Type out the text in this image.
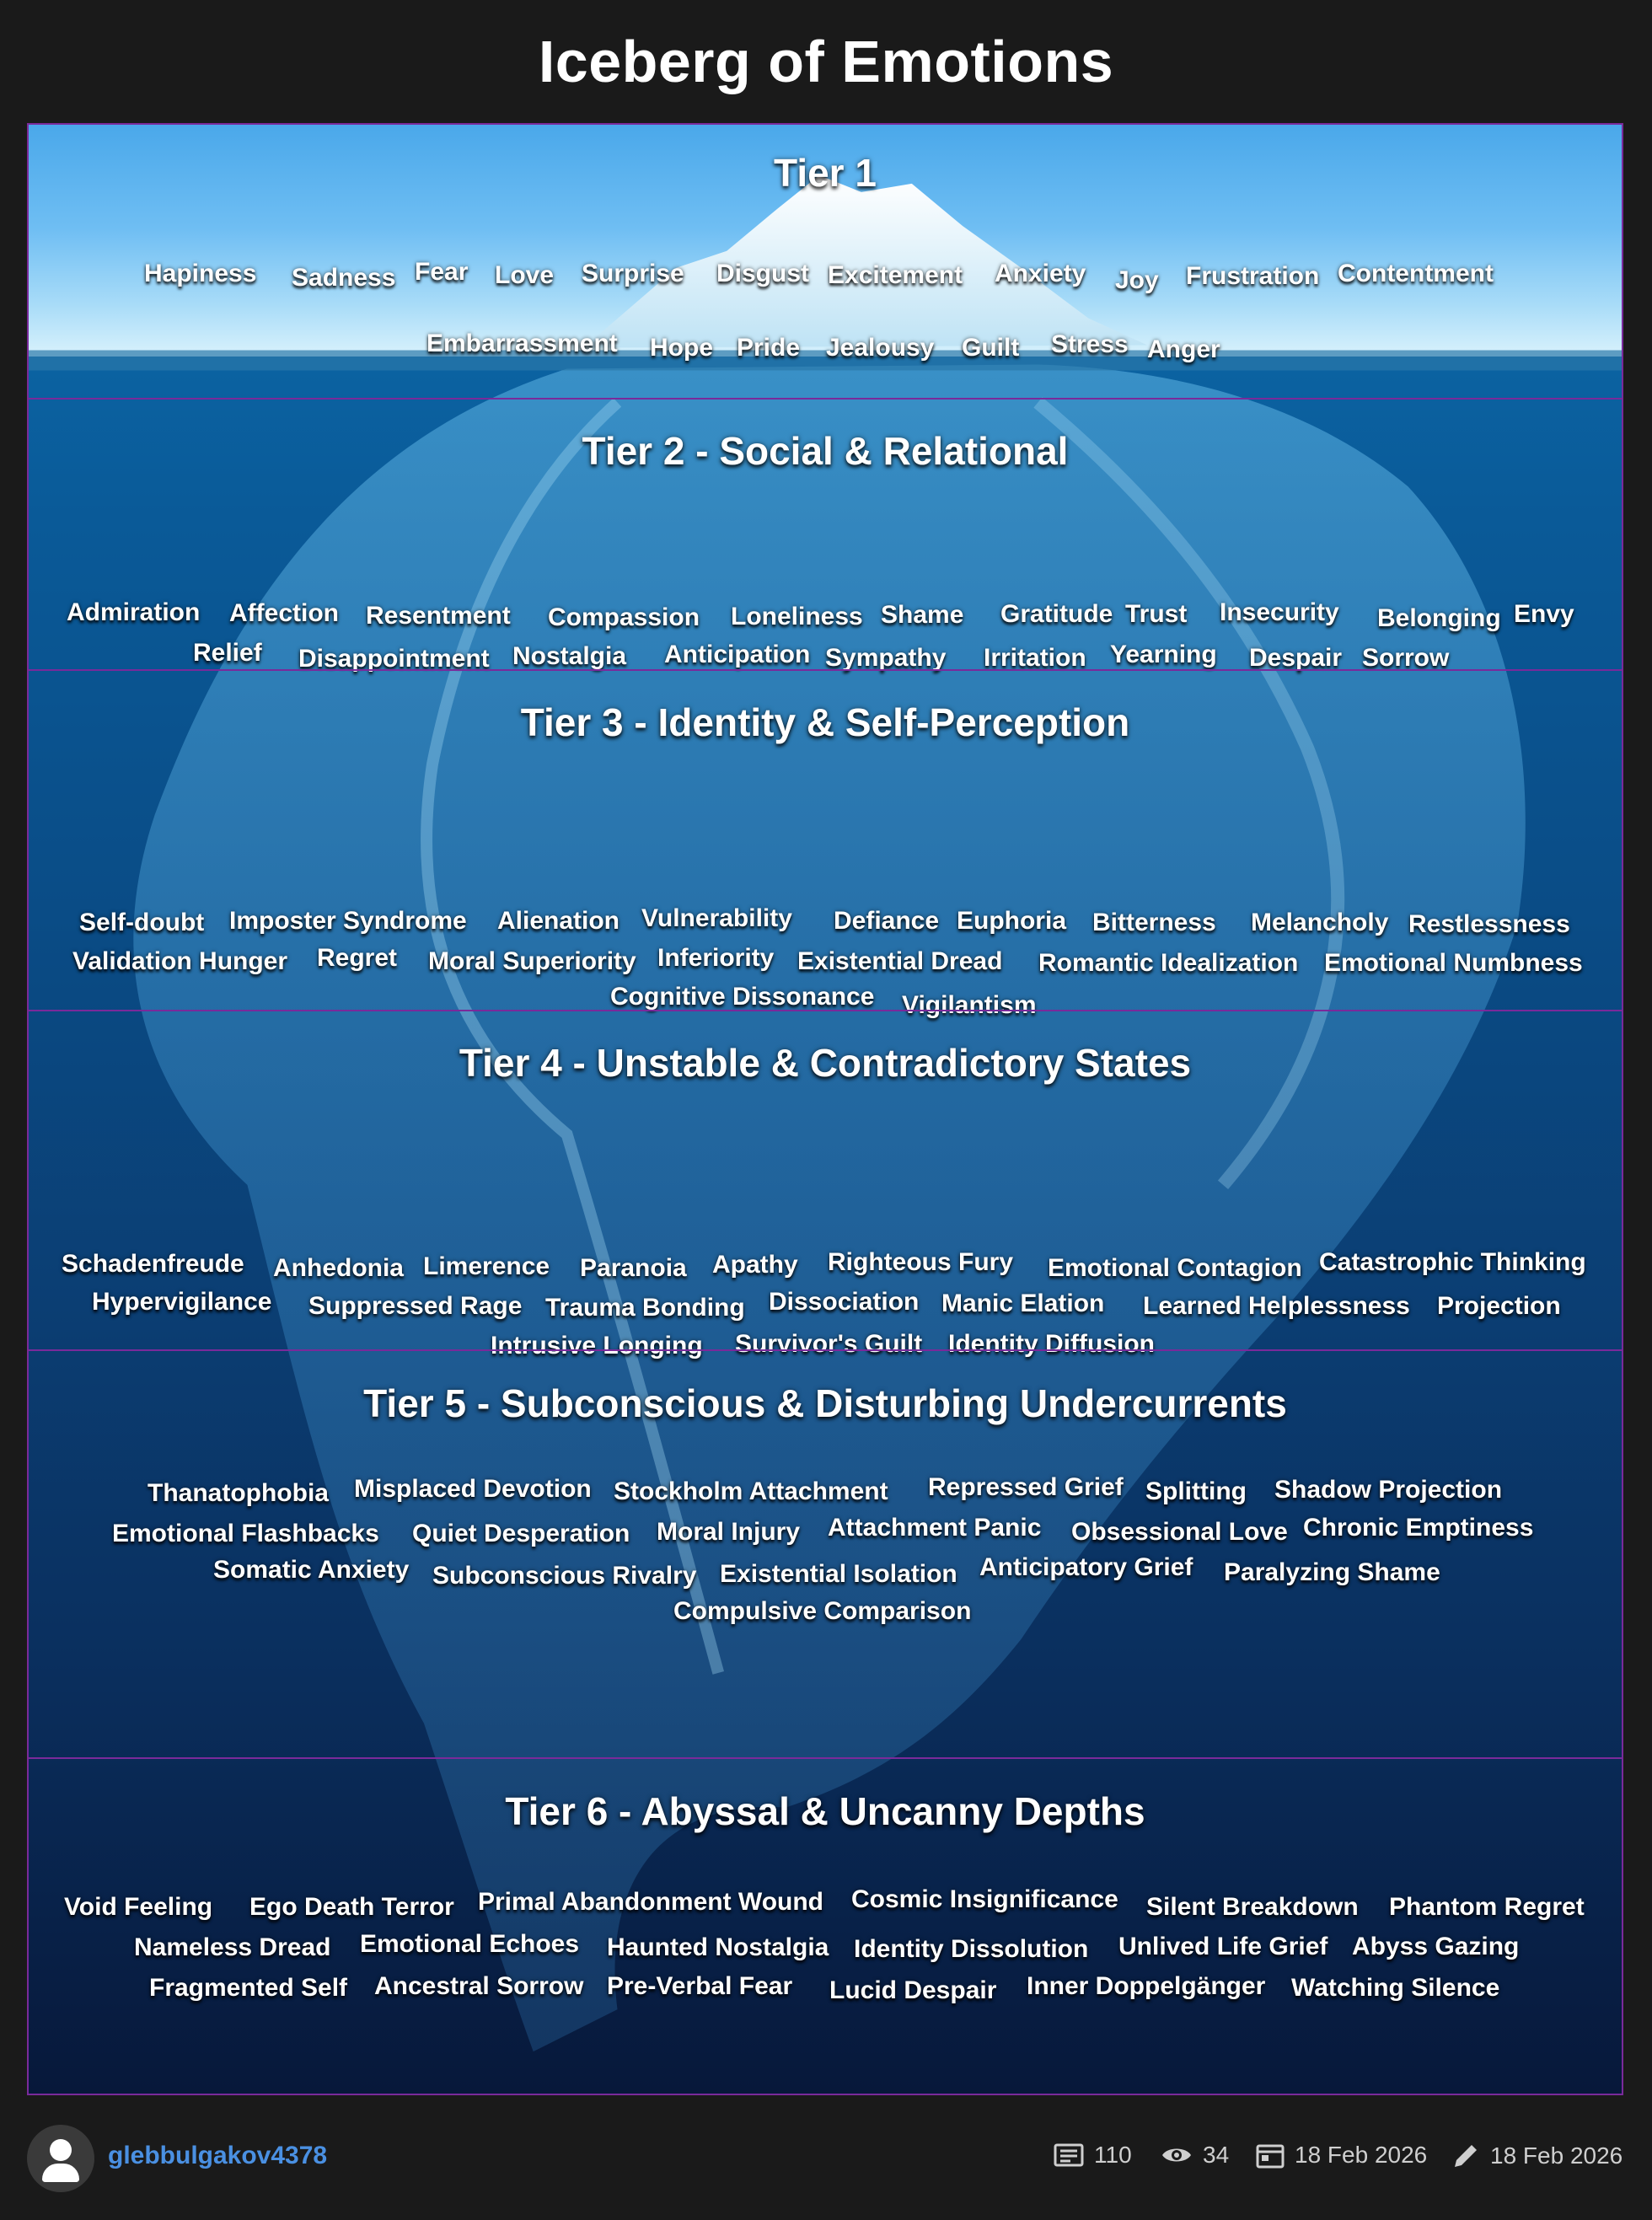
Iceberg of Emotions
Tier 1
Hapiness Sadness Fear Love Surprise Disgust Excitement Anxiety Joy Frustration Contentment
Embarrassment Hope Pride Jealousy Guilt Stress Anger
Tier 2 - Social & Relational
Admiration Affection Resentment Compassion Loneliness Shame Gratitude Trust Insecurity Belonging Envy
Relief Disappointment Nostalgia Anticipation Sympathy Irritation Yearning Despair Sorrow
Tier 3 - Identity & Self-Perception
Self-doubt Imposter Syndrome Alienation Vulnerability Defiance Euphoria Bitterness Melancholy Restlessness
Validation Hunger Regret Moral Superiority Inferiority Existential Dread Romantic Idealization Emotional Numbness
Cognitive Dissonance Vigilantism
Tier 4 - Unstable & Contradictory States
Schadenfreude Anhedonia Limerence Paranoia Apathy Righteous Fury Emotional Contagion Catastrophic Thinking
Hypervigilance Suppressed Rage Trauma Bonding Dissociation Manic Elation Learned Helplessness Projection
Intrusive Longing Survivor's Guilt Identity Diffusion
Tier 5 - Subconscious & Disturbing Undercurrents
Thanatophobia Misplaced Devotion Stockholm Attachment Repressed Grief Splitting Shadow Projection
Emotional Flashbacks Quiet Desperation Moral Injury Attachment Panic Obsessional Love Chronic Emptiness
Somatic Anxiety Subconscious Rivalry Existential Isolation Anticipatory Grief Paralyzing Shame
Compulsive Comparison
Tier 6 - Abyssal & Uncanny Depths
Void Feeling Ego Death Terror Primal Abandonment Wound Cosmic Insignificance Silent Breakdown Phantom Regret
Nameless Dread Emotional Echoes Haunted Nostalgia Identity Dissolution Unlived Life Grief Abyss Gazing
Fragmented Self Ancestral Sorrow Pre-Verbal Fear Lucid Despair Inner Doppelgänger Watching Silence
glebbulgakov4378	110	34	18 Feb 2026	18 Feb 2026
